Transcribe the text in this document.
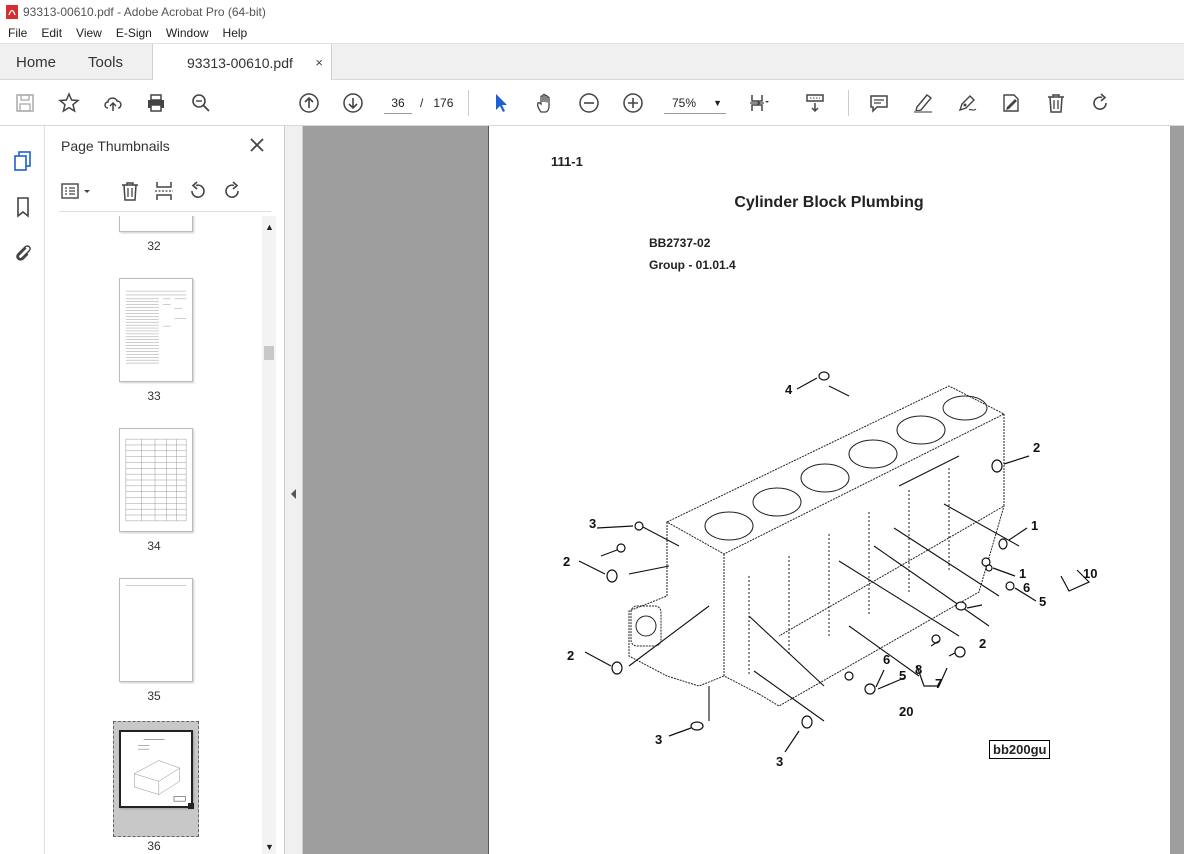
93313-00610.pdf - Adobe Acrobat Pro (64-bit)
File Edit View E-Sign Window Help
Home Tools	93313-00610.pdf ×
36	/ 176	75% ▼
Page Thumbnails
32
33
34
35
36
▲
▼
111-1
Cylinder Block Plumbing
BB2737-02
Group - 01.01.4
4
2
1
1
6
5
10
2
3
2
2	6
5 8
7
20
3
3
bb200gu
